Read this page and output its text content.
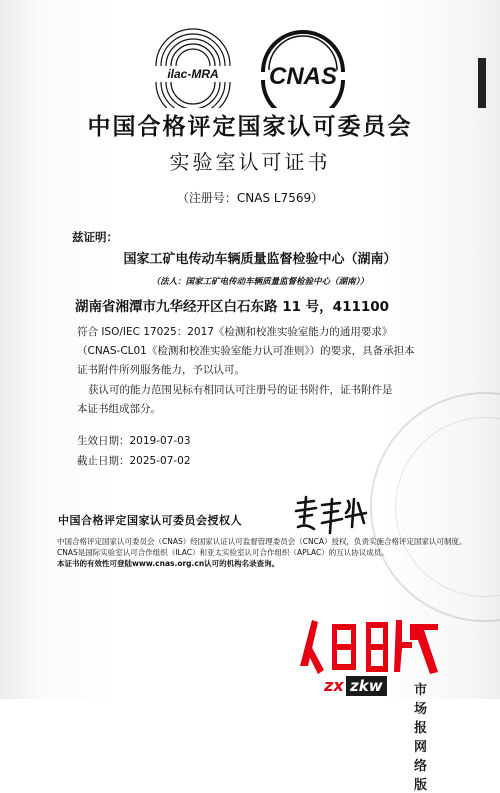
ilac-MRA CNAS
中国合格评定国家认可委员会
实验室认可证书
（注册号：CNAS L7569）
兹证明：
国家工矿电传动车辆质量监督检验中心（湖南）
（法人：国家工矿电传动车辆质量监督检验中心（湖南））
湖南省湘潭市九华经开区白石东路 11 号，411100
符合 ISO/IEC 17025：2017《检测和校准实验室能力的通用要求》
（CNAS-CL01《检测和校准实验室能力认可准则》）的要求，具备承担本
证书附件所列服务能力，予以认可。
获认可的能力范围见标有相同认可注册号的证书附件，证书附件是
本证书组成部分。
生效日期：2019-07-03
截止日期：2025-07-02
中国合格评定国家认可委员会授权人
中国合格评定国家认可委员会（CNAS）经国家认证认可监督管理委员会（CNCA）授权，负责实施合格评定国家认可制度。
CNAS是国际实验室认可合作组织（ILAC）和亚太实验室认可合作组织（APLAC）的互认协议成员。
本证书的有效性可登陆www.cnas.org.cn认可的机构名录查询。
zx zkw	市场报网络版
